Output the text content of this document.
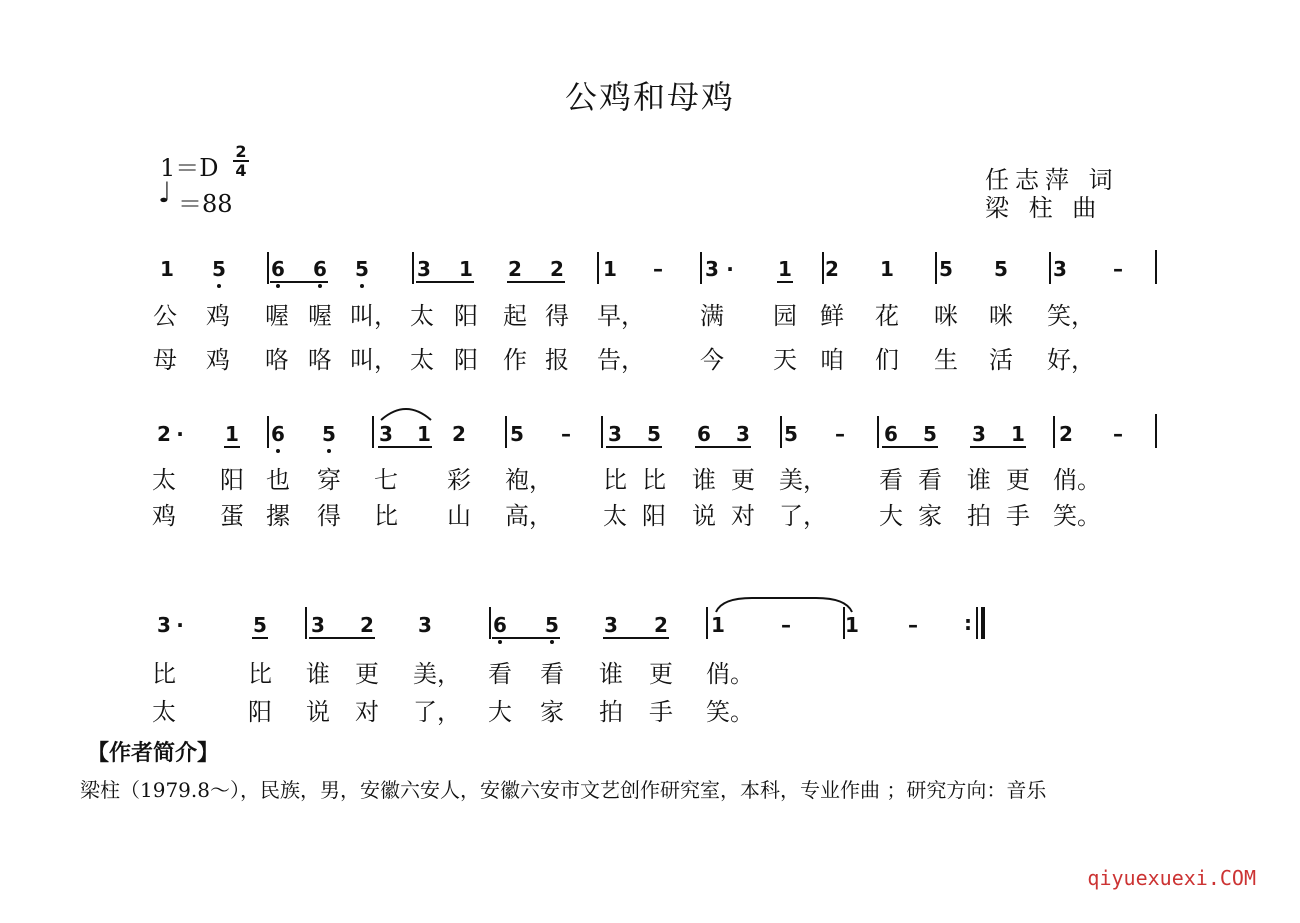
公鸡和母鸡
1＝D
2
4
♩ ＝88
任志萍 词
梁 柱 曲
1 5 6 6 5 3 1 2 2 1 – 3 · 1 2 1 5 5 3 –
公 鸡 喔 喔 叫， 太 阳 起 得 早， 满 园 鲜 花 咪 咪 笑，
母 鸡 咯 咯 叫， 太 阳 作 报 告， 今 天 咱 们 生 活 好，
2 · 1 6 5 3 1 2 5 – 3 5 6 3 5 – 6 5 3 1 2 –
太 阳 也 穿 七 彩 袍， 比 比 谁 更 美， 看 看 谁 更 俏。
鸡 蛋 摞 得 比 山 高， 太 阳 说 对 了， 大 家 拍 手 笑。
3 ·	5 3 2 3	6 5 3 2 1	–	1 – :
比	比 谁 更 美， 看 看 谁 更 俏。
太	阳 说 对 了， 大 家 拍 手 笑。
【作者简介】
梁柱（1979.8～），民族，男，安徽六安人，安徽六安市文艺创作研究室，本科，专业作曲 ；研究方向：音乐
qiyuexuexi.COM
